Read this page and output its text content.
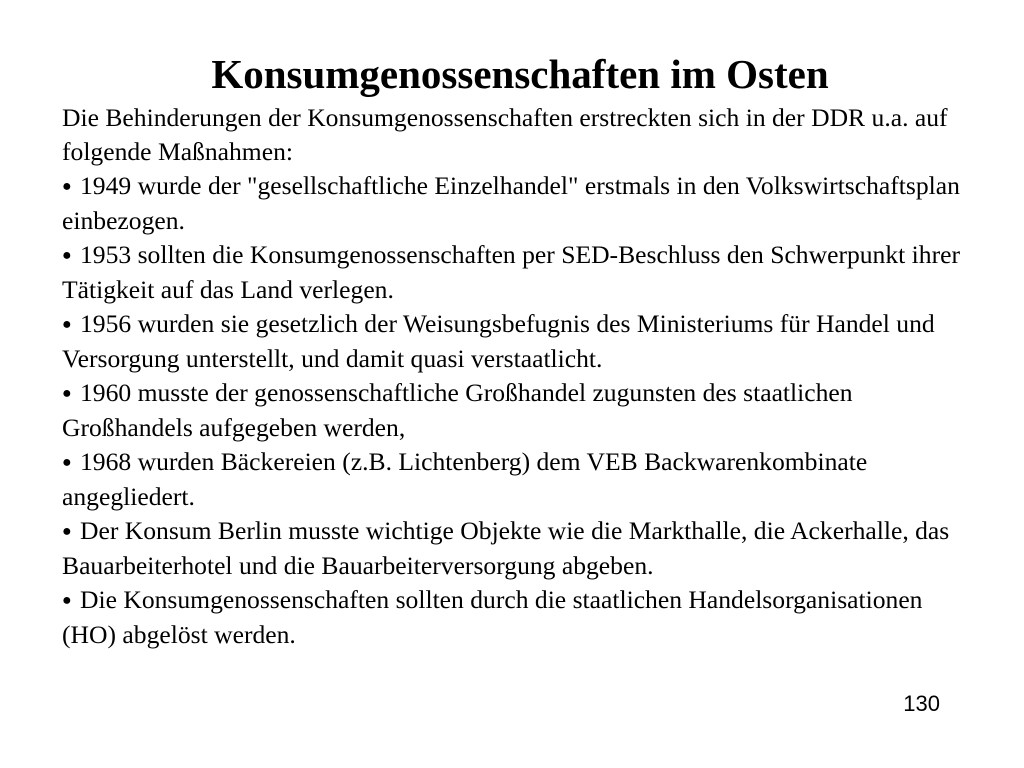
Konsumgenossenschaften im Osten

Die Behinderungen der Konsumgenossenschaften erstreckten sich in der DDR u.a. auf folgende Maßnahmen:

● 1949 wurde der "gesellschaftliche Einzelhandel" erstmals in den Volkswirtschaftsplan einbezogen.

● 1953 sollten die Konsumgenossenschaften per SED-Beschluss den Schwerpunkt ihrer Tätigkeit auf das Land verlegen.

● 1956 wurden sie gesetzlich der Weisungsbefugnis des Ministeriums für Handel und Versorgung unterstellt, und damit quasi verstaatlicht.

● 1960 musste der genossenschaftliche Großhandel zugunsten des staatlichen Großhandels aufgegeben werden,

● 1968 wurden Bäckereien (z.B. Lichtenberg) dem VEB Backwarenkombinate angegliedert.

● Der Konsum Berlin musste wichtige Objekte wie die Markthalle, die Ackerhalle, das Bauarbeiterhotel und die Bauarbeiterversorgung abgeben.

● Die Konsumgenossenschaften sollten durch die staatlichen Handelsorganisationen (HO) abgelöst werden.

130
